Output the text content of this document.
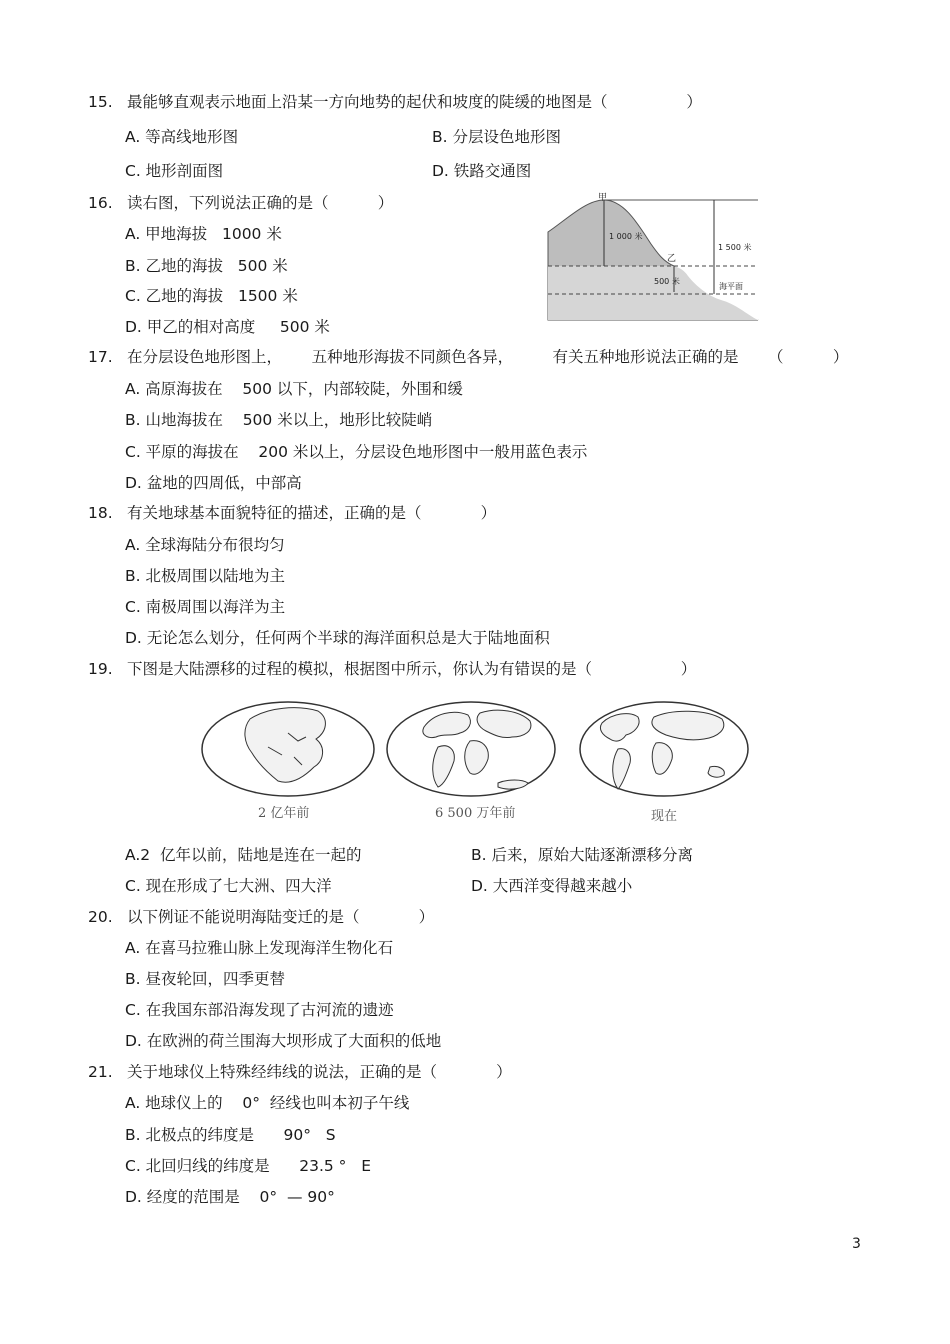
15. 最能够直观表示地面上沿某一方向地势的起伏和坡度的陡缓的地图是（                ）
A. 等高线地形图	B. 分层设色地形图
C. 地形剖面图	D. 铁路交通图
16. 读右图，下列说法正确的是（          ）
A. 甲地海拔   1000 米
B. 乙地的海拔   500 米
C. 乙地的海拔   1500 米
D. 甲乙的相对高度     500 米
甲
乙
1 000 米
1 500 米
500 米
海平面
17. 在分层设色地形图上，      五种地形海拔不同颜色各异，        有关五种地形说法正确的是      （          ）
A. 高原海拔在    500 以下，内部较陡，外围和缓
B. 山地海拔在    500 米以上，地形比较陡峭
C. 平原的海拔在    200 米以上，分层设色地形图中一般用蓝色表示
D. 盆地的四周低，中部高
18. 有关地球基本面貌特征的描述，正确的是（            ）
A. 全球海陆分布很均匀
B. 北极周围以陆地为主
C. 南极周围以海洋为主
D. 无论怎么划分，任何两个半球的海洋面积总是大于陆地面积
19. 下图是大陆漂移的过程的模拟，根据图中所示，你认为有错误的是（                  ）
2 亿年前	6 500 万年前	现在
A.2  亿年以前，陆地是连在一起的	B. 后来，原始大陆逐渐漂移分离
C. 现在形成了七大洲、四大洋	D. 大西洋变得越来越小
20. 以下例证不能说明海陆变迁的是（            ）
A. 在喜马拉雅山脉上发现海洋生物化石
B. 昼夜轮回，四季更替
C. 在我国东部沿海发现了古河流的遗迹
D. 在欧洲的荷兰围海大坝形成了大面积的低地
21. 关于地球仪上特殊经纬线的说法，正确的是（            ）
A. 地球仪上的    0°  经线也叫本初子午线
B. 北极点的纬度是      90°   S
C. 北回归线的纬度是      23.5 °   E
D. 经度的范围是    0°  — 90°
3
